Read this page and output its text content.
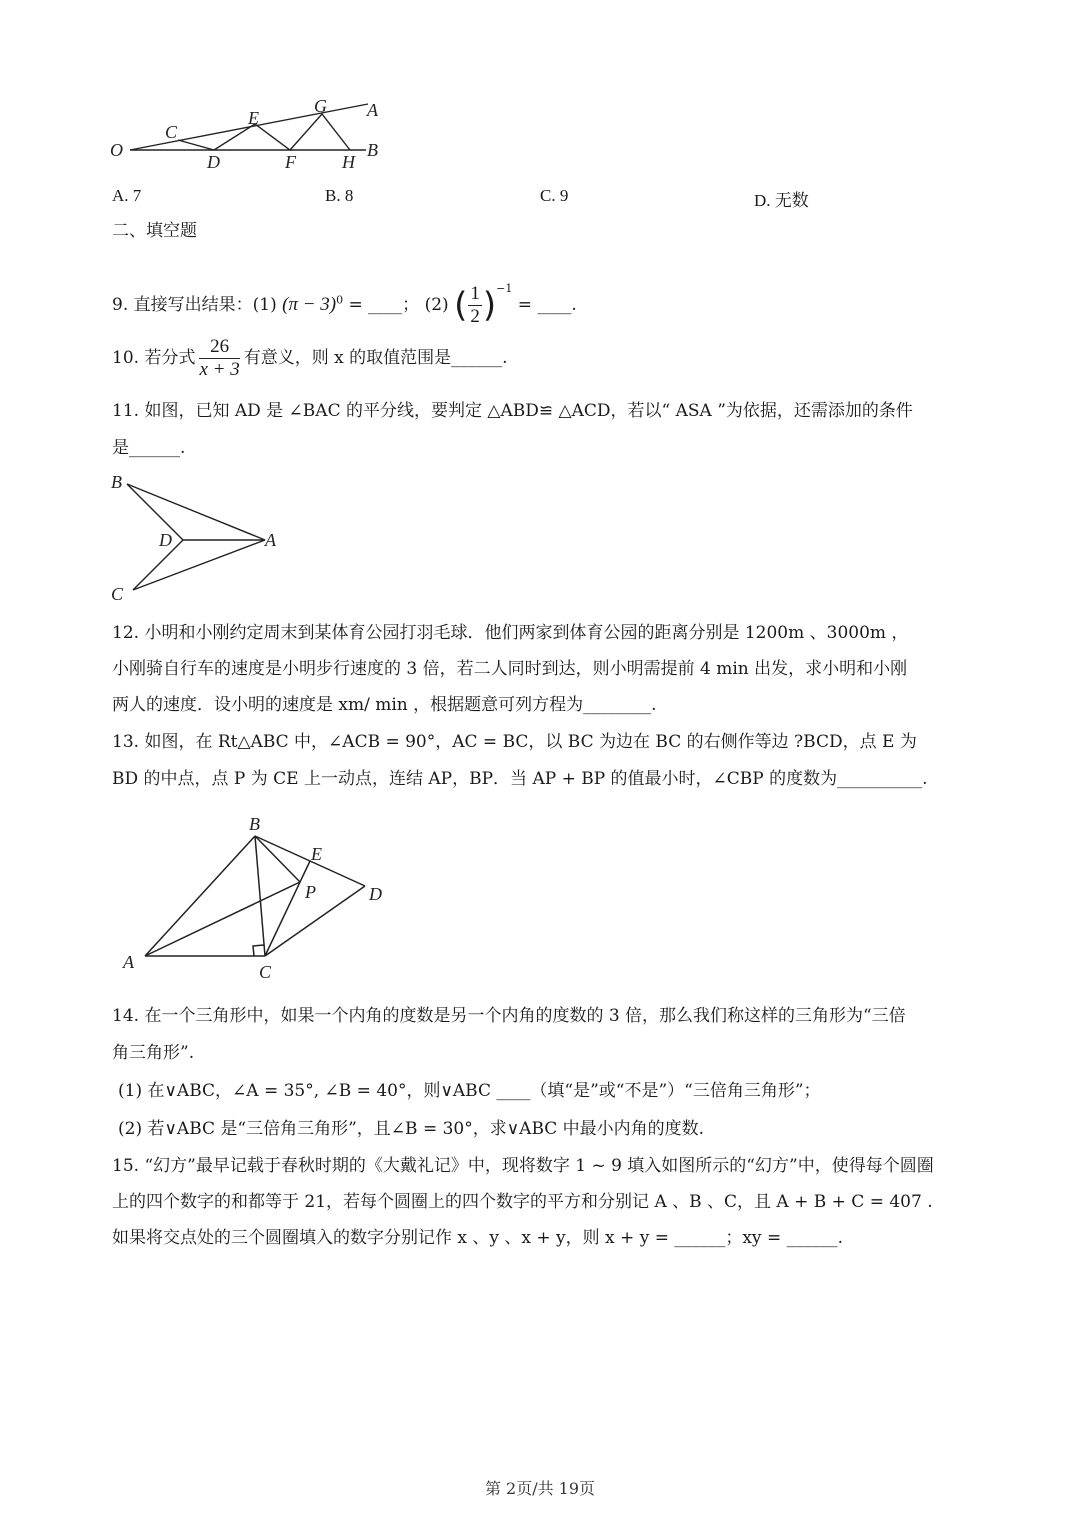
O
C
D
E
F
G
H
A
B
A. 7	B. 8	C. 9	D. 无数
二、填空题
9. 直接写出结果：(1) $(\pi - 3)^0$ = ____； (2) ( $\frac{1}{2} )^{-1}$ = ____.
10. 若分式 $\frac{26}{x + 3}$ 有意义，则 x 的取值范围是______.
11. 如图，已知 AD 是 ∠BAC 的平分线，要判定 △ABD≌ △ACD，若以“ ASA ”为依据，还需添加的条件
是______.
B
D	A
C
12. 小明和小刚约定周末到某体育公园打羽毛球．他们两家到体育公园的距离分别是 1200m 、3000m ，
小刚骑自行车的速度是小明步行速度的 3 倍，若二人同时到达，则小明需提前 4 min 出发，求小明和小刚
两人的速度．设小明的速度是 xm/ min ，根据题意可列方程为________.
13. 如图，在 Rt△ABC 中，∠ACB = 90°，AC = BC，以 BC 为边在 BC 的右侧作等边 ?BCD，点 E 为
BD 的中点，点 P 为 CE 上一动点，连结 AP，BP．当 AP + BP 的值最小时，∠CBP 的度数为__________.
B
E
P	D
A	C
14. 在一个三角形中，如果一个内角的度数是另一个内角的度数的 3 倍，那么我们称这样的三角形为“三倍
角三角形”.
(1) 在∨ABC，∠A = 35°, ∠B = 40°，则∨ABC ____（填“是”或“不是”）“三倍角三角形”；
(2) 若∨ABC 是“三倍角三角形”，且∠B = 30°，求∨ABC 中最小内角的度数.
15. “幻方”最早记载于春秋时期的《大戴礼记》中，现将数字 1 ~ 9 填入如图所示的“幻方”中，使得每个圆圈
上的四个数字的和都等于 21，若每个圆圈上的四个数字的平方和分别记 A 、B 、C，且 A + B + C = 407 .
如果将交点处的三个圆圈填入的数字分别记作 x 、y 、x + y，则 x + y = ______；xy = ______.
第 2页/共 19页
